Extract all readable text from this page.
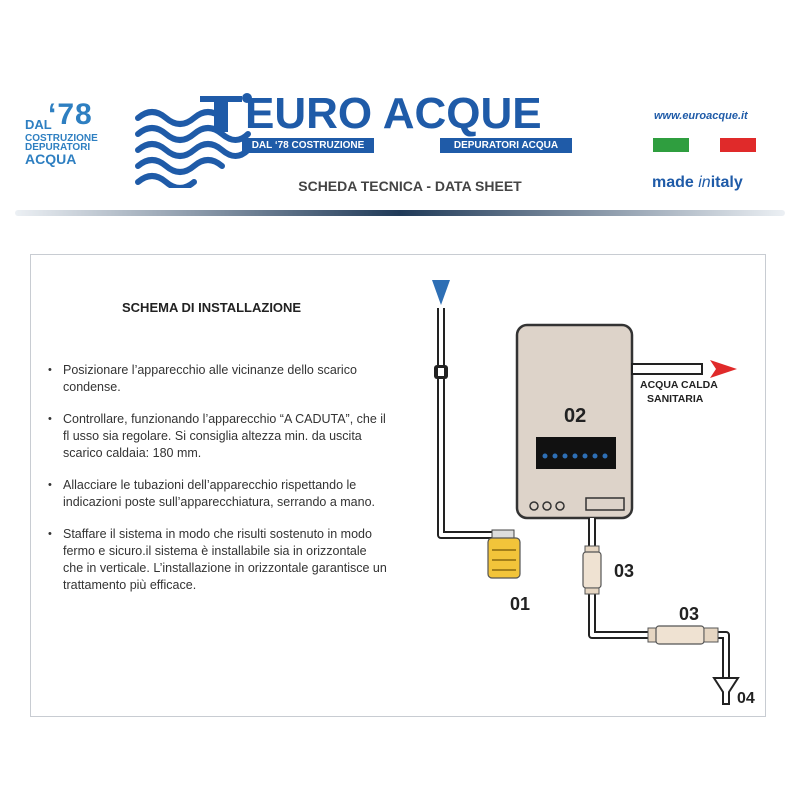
DAL
‘78
COSTRUZIONE
DEPURATORI
ACQUA
EURO ACQUE
DAL ‘78 COSTRUZIONE	DEPURATORI ACQUA
SCHEDA TECNICA - DATA SHEET
www.euroacque.it
made initaly
SCHEMA DI INSTALLAZIONE
• Posizionare l’apparecchio alle vicinanze dello scarico condense.
• Controllare, funzionando l’apparecchio “A CADUTA”, che il fl usso sia regolare. Si consiglia altezza min. da uscita scarico caldaia: 180 mm.
• Allacciare le tubazioni dell’apparecchio rispettando le indicazioni poste sull’apparecchiatura, serrando a mano.
• Staffare il sistema in modo che risulti sostenuto in modo fermo e sicuro.il sistema è installabile sia in orizzontale che in verticale. L’installazione in orizzontale garantisce un trattamento più efficace.
ACQUA CALDA
SANITARIA
01
02
03
03
04
